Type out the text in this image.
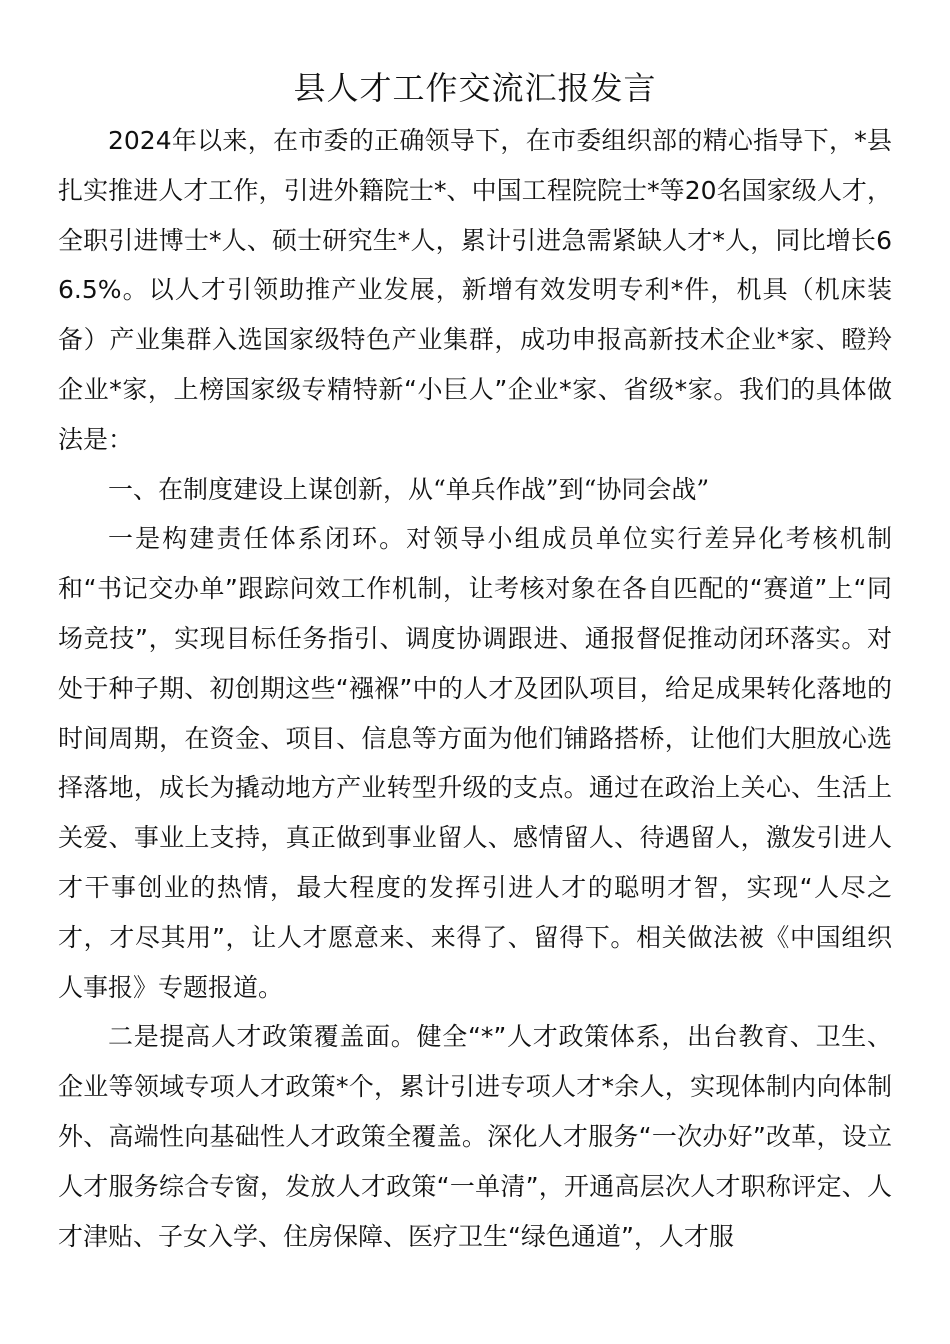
县人才工作交流汇报发言

2024年以来，在市委的正确领导下，在市委组织部的精心指导下，*县扎实推进人才工作，引进外籍院士*、中国工程院院士*等20名国家级人才，全职引进博士*人、硕士研究生*人，累计引进急需紧缺人才*人，同比增长66.5%。以人才引领助推产业发展，新增有效发明专利*件，机具（机床装备）产业集群入选国家级特色产业集群，成功申报高新技术企业*家、瞪羚企业*家，上榜国家级专精特新“小巨人”企业*家、省级*家。我们的具体做法是：

一、在制度建设上谋创新，从“单兵作战”到“协同会战”

一是构建责任体系闭环。对领导小组成员单位实行差异化考核机制和“书记交办单”跟踪问效工作机制，让考核对象在各自匹配的“赛道”上“同场竞技”，实现目标任务指引、调度协调跟进、通报督促推动闭环落实。对处于种子期、初创期这些“襁褓”中的人才及团队项目，给足成果转化落地的时间周期，在资金、项目、信息等方面为他们铺路搭桥，让他们大胆放心选择落地，成长为撬动地方产业转型升级的支点。通过在政治上关心、生活上关爱、事业上支持，真正做到事业留人、感情留人、待遇留人，激发引进人才干事创业的热情，最大程度的发挥引进人才的聪明才智，实现“人尽之才，才尽其用”，让人才愿意来、来得了、留得下。相关做法被《中国组织人事报》专题报道。

二是提高人才政策覆盖面。健全“*”人才政策体系，出台教育、卫生、企业等领域专项人才政策*个，累计引进专项人才*余人，实现体制内向体制外、高端性向基础性人才政策全覆盖。深化人才服务“一次办好”改革，设立人才服务综合专窗，发放人才政策“一单清”，开通高层次人才职称评定、人才津贴、子女入学、住房保障、医疗卫生“绿色通道”，人才服
